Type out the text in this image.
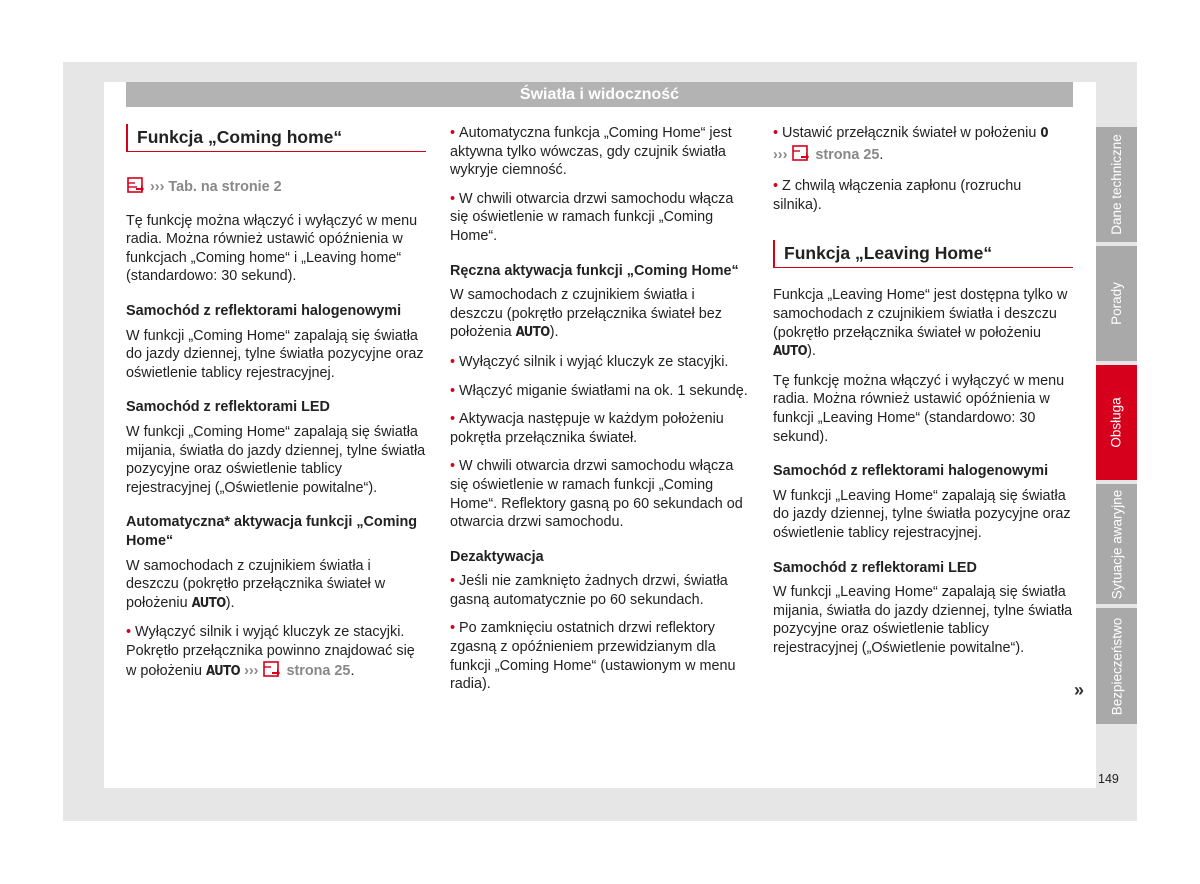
Światła i widoczność
Funkcja „Coming home“

››› Tab. na stronie 2

Tę funkcję można włączyć i wyłączyć w menu radia. Można również ustawić opóźnienia w funkcjach „Coming home“ i „Leaving home“ (standardowo: 30 sekund).

Samochód z reflektorami halogenowymi

W funkcji „Coming Home“ zapalają się światła do jazdy dziennej, tylne światła pozycyjne oraz oświetlenie tablicy rejestracyjnej.

Samochód z reflektorami LED

W funkcji „Coming Home“ zapalają się światła mijania, światła do jazdy dziennej, tylne światła pozycyjne oraz oświetlenie tablicy rejestracyjnej („Oświetlenie powitalne“).

Automatyczna* aktywacja funkcji „Coming Home“

W samochodach z czujnikiem światła i deszczu (pokrętło przełącznika świateł w położeniu AUTO).

• Wyłączyć silnik i wyjąć kluczyk ze stacyjki. Pokrętło przełącznika powinno znajdować się w położeniu AUTO ›››  strona 25.

• Automatyczna funkcja „Coming Home“ jest aktywna tylko wówczas, gdy czujnik światła wykryje ciemność.

• W chwili otwarcia drzwi samochodu włącza się oświetlenie w ramach funkcji „Coming Home“.

Ręczna aktywacja funkcji „Coming Home“

W samochodach z czujnikiem światła i deszczu (pokrętło przełącznika świateł bez położenia AUTO).

• Wyłączyć silnik i wyjąć kluczyk ze stacyjki.

• Włączyć miganie światłami na ok. 1 sekundę.

• Aktywacja następuje w każdym położeniu pokrętła przełącznika świateł.

• W chwili otwarcia drzwi samochodu włącza się oświetlenie w ramach funkcji „Coming Home“. Reflektory gasną po 60 sekundach od otwarcia drzwi samochodu.

Dezaktywacja

• Jeśli nie zamknięto żadnych drzwi, światła gasną automatycznie po 60 sekundach.

• Po zamknięciu ostatnich drzwi reflektory zgasną z opóźnieniem przewidzianym dla funkcji „Coming Home“ (ustawionym w menu radia).

• Ustawić przełącznik świateł w położeniu 0
›››  strona 25.

• Z chwilą włączenia zapłonu (rozruchu silnika).

Funkcja „Leaving Home“

Funkcja „Leaving Home“ jest dostępna tylko w samochodach z czujnikiem światła i deszczu (pokrętło przełącznika świateł w położeniu AUTO).

Tę funkcję można włączyć i wyłączyć w menu radia. Można również ustawić opóźnienia w funkcji „Leaving Home“ (standardowo: 30 sekund).

Samochód z reflektorami halogenowymi

W funkcji „Leaving Home“ zapalają się światła do jazdy dziennej, tylne światła pozycyjne oraz oświetlenie tablicy rejestracyjnej.

Samochód z reflektorami LED

W funkcji „Leaving Home“ zapalają się światła mijania, światła do jazdy dziennej, tylne światła pozycyjne oraz oświetlenie tablicy rejestracyjnej („Oświetlenie powitalne“).

»
Dane techniczne
Porady
Obsługa
Sytuacje awaryjne
Bezpieczeństwo
149
